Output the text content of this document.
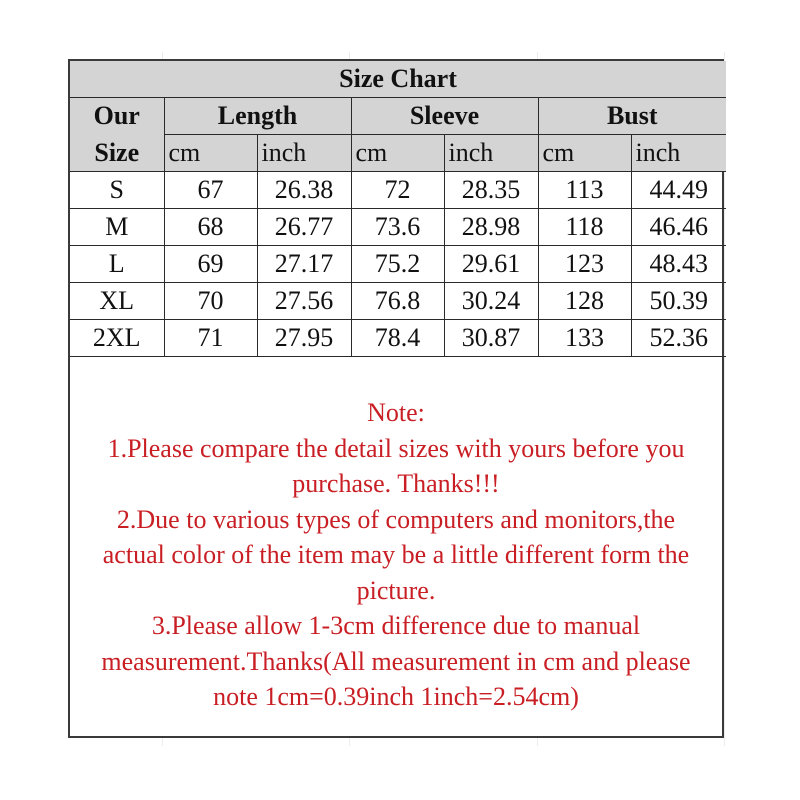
Size Chart						
Our	Length		Sleeve		Bust	
Size	cm	inch	cm	inch	cm	inch
S	67	26.38	72	28.35	113	44.49
M	68	26.77	73.6	28.98	118	46.46
L	69	27.17	75.2	29.61	123	48.43
XL	70	27.56	76.8	30.24	128	50.39
2XL	71	27.95	78.4	30.87	133	52.36

Note:

1.Please compare the detail sizes with yours before you

purchase. Thanks!!!

2.Due to various types of computers and monitors,the

actual color of the item may be a little different form the

picture.

3.Please allow 1-3cm difference due to manual

measurement.Thanks(All measurement in cm and please

note 1cm=0.39inch 1inch=2.54cm)
